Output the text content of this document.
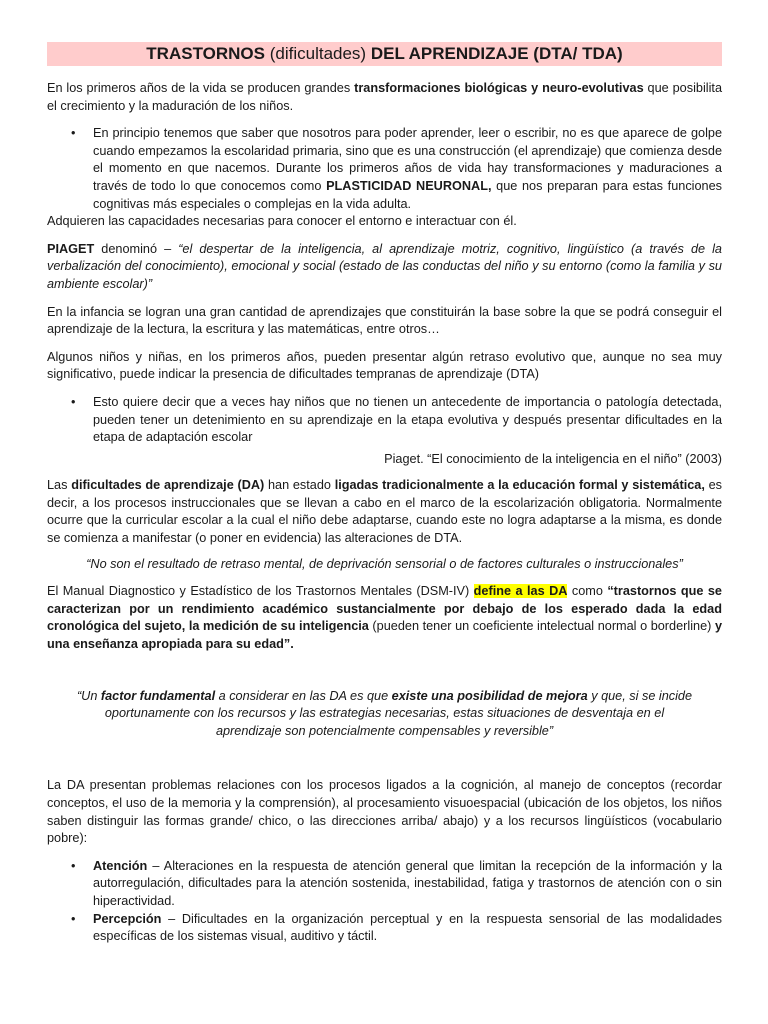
TRASTORNOS (dificultades) DEL APRENDIZAJE (DTA/ TDA)

En los primeros años de la vida se producen grandes transformaciones biológicas y neuro-evolutivas que posibilita el crecimiento y la maduración de los niños.

• En principio tenemos que saber que nosotros para poder aprender, leer o escribir, no es que aparece de golpe cuando empezamos la escolaridad primaria, sino que es una construcción (el aprendizaje) que comienza desde el momento en que nacemos. Durante los primeros años de vida hay transformaciones y maduraciones a través de todo lo que conocemos como PLASTICIDAD NEURONAL, que nos preparan para estas funciones cognitivas más especiales o complejas en la vida adulta.

Adquieren las capacidades necesarias para conocer el entorno e interactuar con él.

PIAGET denominó – “el despertar de la inteligencia, al aprendizaje motriz, cognitivo, lingüístico (a través de la verbalización del conocimiento), emocional y social (estado de las conductas del niño y su entorno (como la familia y su ambiente escolar)”

En la infancia se logran una gran cantidad de aprendizajes que constituirán la base sobre la que se podrá conseguir el aprendizaje de la lectura, la escritura y las matemáticas, entre otros…

Algunos niños y niñas, en los primeros años, pueden presentar algún retraso evolutivo que, aunque no sea muy significativo, puede indicar la presencia de dificultades tempranas de aprendizaje (DTA)

• Esto quiere decir que a veces hay niños que no tienen un antecedente de importancia o patología detectada, pueden tener un detenimiento en su aprendizaje en la etapa evolutiva y después presentar dificultades en la etapa de adaptación escolar

Piaget. “El conocimiento de la inteligencia en el niño” (2003)

Las dificultades de aprendizaje (DA) han estado ligadas tradicionalmente a la educación formal y sistemática, es decir, a los procesos instruccionales que se llevan a cabo en el marco de la escolarización obligatoria. Normalmente ocurre que la curricular escolar a la cual el niño debe adaptarse, cuando este no logra adaptarse a la misma, es donde se comienza a manifestar (o poner en evidencia) las alteraciones de DTA.

“No son el resultado de retraso mental, de deprivación sensorial o de factores culturales o instruccionales”

El Manual Diagnostico y Estadístico de los Trastornos Mentales (DSM-IV) define a las DA como “trastornos que se caracterizan por un rendimiento académico sustancialmente por debajo de los esperado dada la edad cronológica del sujeto, la medición de su inteligencia (pueden tener un coeficiente intelectual normal o borderline) y una enseñanza apropiada para su edad”.

“Un factor fundamental a considerar en las DA es que existe una posibilidad de mejora y que, si se incide oportunamente con los recursos y las estrategias necesarias, estas situaciones de desventaja en el aprendizaje son potencialmente compensables y reversible”

La DA presentan problemas relaciones con los procesos ligados a la cognición, al manejo de conceptos (recordar conceptos, el uso de la memoria y la comprensión), al procesamiento visuoespacial (ubicación de los objetos, los niños saben distinguir las formas grande/ chico, o las direcciones arriba/ abajo) y a los recursos lingüísticos (vocabulario pobre):

• Atención – Alteraciones en la respuesta de atención general que limitan la recepción de la información y la autorregulación, dificultades para la atención sostenida, inestabilidad, fatiga y trastornos de atención con o sin hiperactividad.
• Percepción – Dificultades en la organización perceptual y en la respuesta sensorial de las modalidades específicas de los sistemas visual, auditivo y táctil.
